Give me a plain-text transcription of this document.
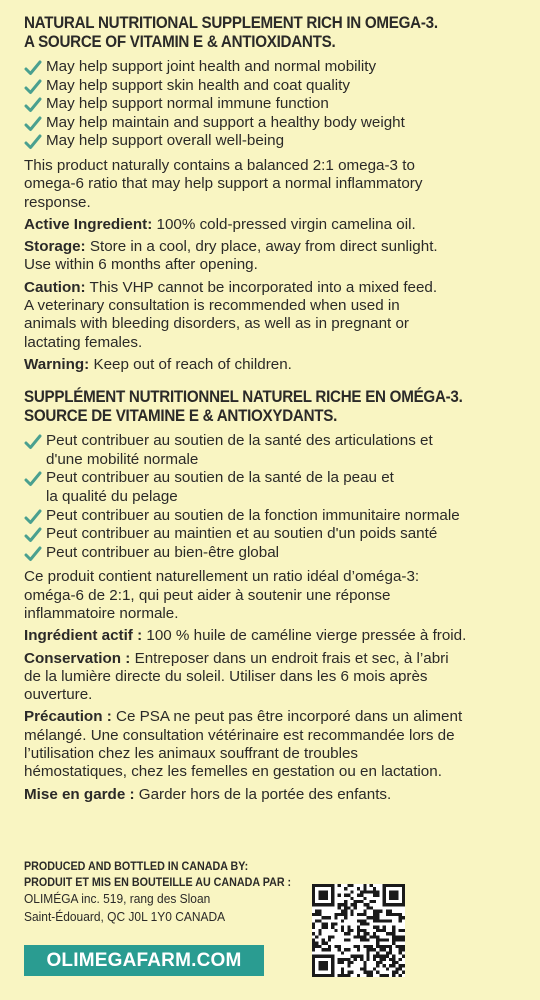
NATURAL NUTRITIONAL SUPPLEMENT RICH IN OMEGA-3.
A SOURCE OF VITAMIN E & ANTIOXIDANTS.
May help support joint health and normal mobility
May help support skin health and coat quality
May help support normal immune function
May help maintain and support a healthy body weight
May help support overall well-being
This product naturally contains a balanced 2:1 omega-3 to
omega-6 ratio that may help support a normal inflammatory
response.
Active Ingredient: 100% cold-pressed virgin camelina oil.
Storage: Store in a cool, dry place, away from direct sunlight.
Use within 6 months after opening.
Caution: This VHP cannot be incorporated into a mixed feed.
A veterinary consultation is recommended when used in
animals with bleeding disorders, as well as in pregnant or
lactating females.
Warning: Keep out of reach of children.
SUPPLÉMENT NUTRITIONNEL NATUREL RICHE EN OMÉGA-3.
SOURCE DE VITAMINE E & ANTIOXYDANTS.
Peut contribuer au soutien de la santé des articulations et
d'une mobilité normale
Peut contribuer au soutien de la santé de la peau et
la qualité du pelage
Peut contribuer au soutien de la fonction immunitaire normale
Peut contribuer au maintien et au soutien d'un poids santé
Peut contribuer au bien-être global
Ce produit contient naturellement un ratio idéal d’oméga-3:
oméga-6 de 2:1, qui peut aider à soutenir une réponse
inflammatoire normale.
Ingrédient actif : 100 % huile de caméline vierge pressée à froid.
Conservation : Entreposer dans un endroit frais et sec, à l’abri
de la lumière directe du soleil. Utiliser dans les 6 mois après
ouverture.
Précaution : Ce PSA ne peut pas être incorporé dans un aliment
mélangé. Une consultation vétérinaire est recommandée lors de
l’utilisation chez les animaux souffrant de troubles
hémostatiques, chez les femelles en gestation ou en lactation.
Mise en garde : Garder hors de la portée des enfants.
PRODUCED AND BOTTLED IN CANADA BY:
PRODUIT ET MIS EN BOUTEILLE AU CANADA PAR :
OLIMÉGA inc. 519, rang des Sloan
Saint-Édouard, QC J0L 1Y0 CANADA
OLIMEGAFARM.COM
